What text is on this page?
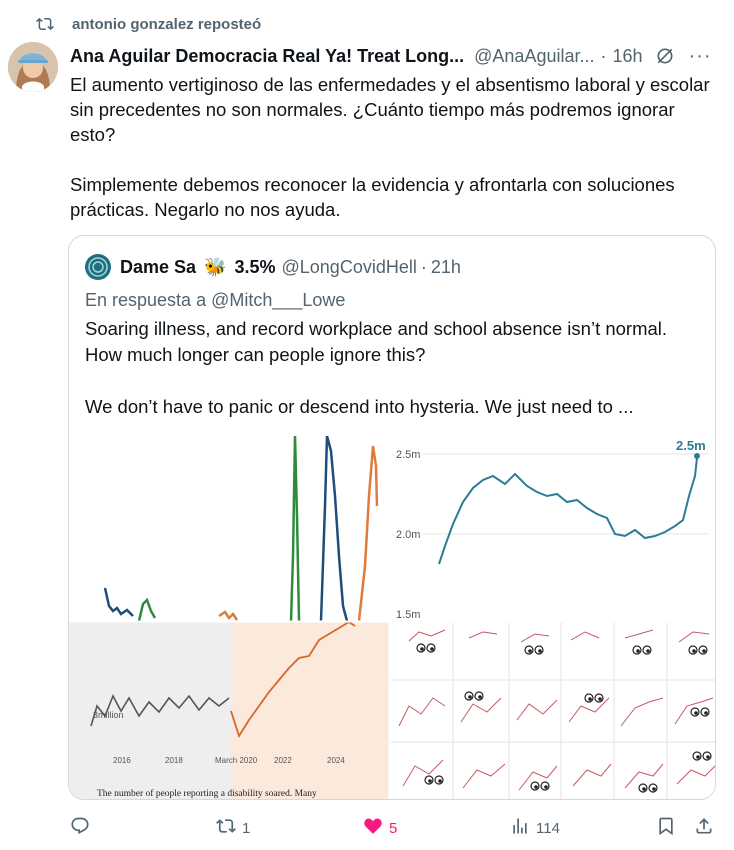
antonio gonzalez reposteó
Ana Aguilar Democracia Real Ya! Treat Long... @AnaAguilar... · 16h ···

El aumento vertiginoso de las enfermedades y el absentismo laboral y escolar sin precedentes no son normales. ¿Cuánto tiempo más podremos ignorar esto?

Simplemente debemos reconocer la evidencia y afrontarla con soluciones prácticas. Negarlo no nos ayuda.

Dame Sa 🐝 3.5% @LongCovidHell · 21h
En respuesta a @Mitch___Lowe

Soaring illness, and record workplace and school absence isn’t normal. How much longer can people ignore this?

We don’t have to panic or descend into hysteria. We just need to ...

2.5m
2.0m
1.5m
2.5m
3million
2016	2018	March 2020 2022	2024
The number of people reporting a disability soared. Many
1	5	114
